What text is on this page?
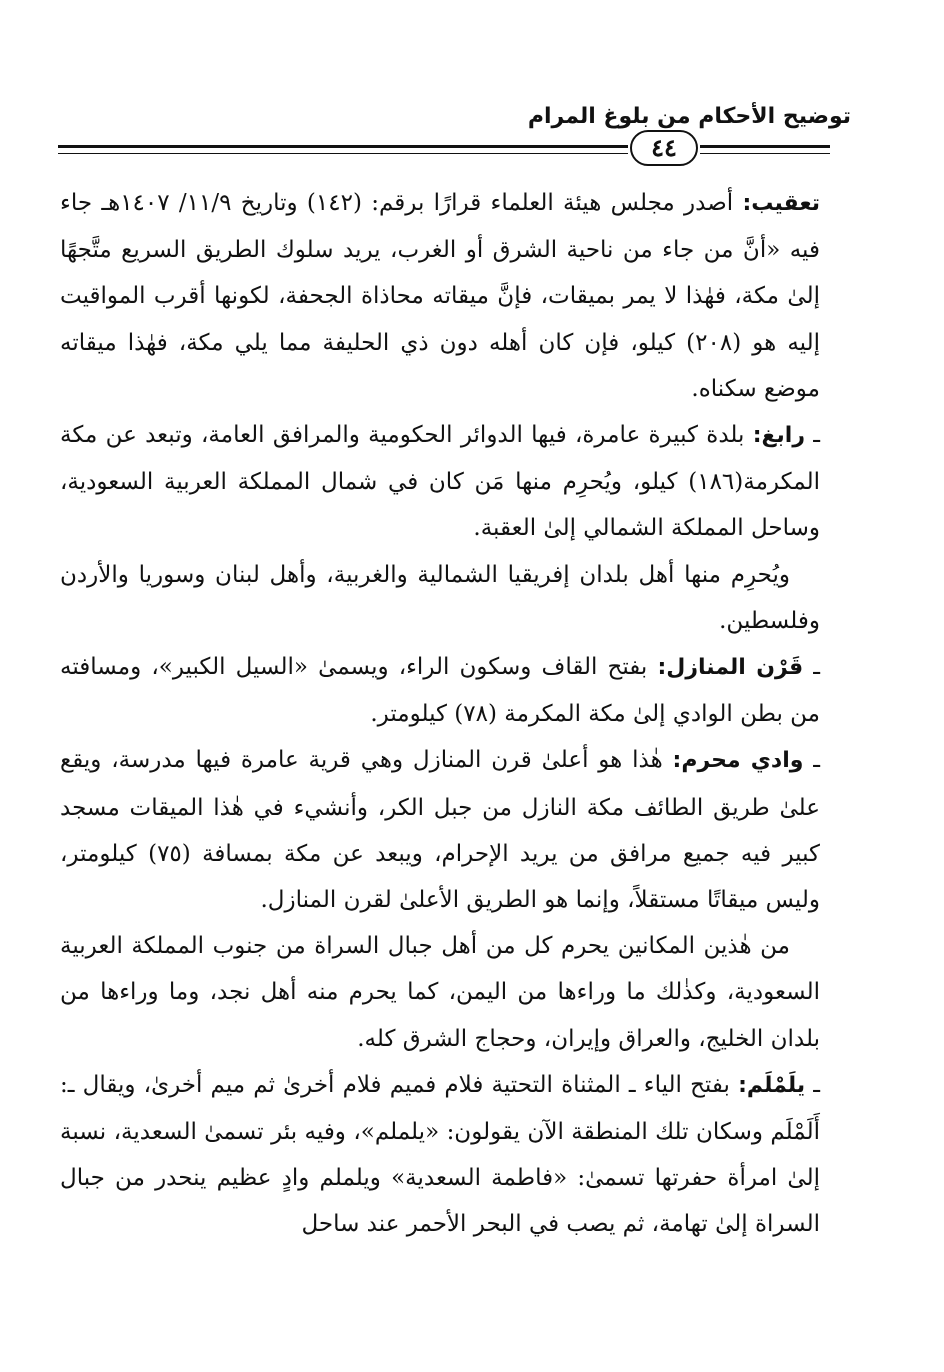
توضيح الأحكام من بلوغ المرام
٤٤

تعقيب: أصدر مجلس هيئة العلماء قرارًا برقم: (١٤٢) وتاريخ ١١/٩/ ١٤٠٧هـ جاء فيه «أنَّ من جاء من ناحية الشرق أو الغرب، يريد سلوك الطريق السريع متَّجهًا إلىٰ مكة، فهٰذا لا يمر بميقات، فإنَّ ميقاته محاذاة الجحفة، لكونها أقرب المواقيت إليه هو (٢٠٨) كيلو، فإن كان أهله دون ذي الحليفة مما يلي مكة، فهٰذا ميقاته موضع سكناه.

ـ رابغ: بلدة كبيرة عامرة، فيها الدوائر الحكومية والمرافق العامة، وتبعد عن مكة المكرمة(١٨٦) كيلو، ويُحرِم منها مَن كان في شمال المملكة العربية السعودية، وساحل المملكة الشمالي إلىٰ العقبة.

ويُحرِم منها أهل بلدان إفريقيا الشمالية والغربية، وأهل لبنان وسوريا والأردن وفلسطين.

ـ قَرْن المنازل: بفتح القاف وسكون الراء، ويسمىٰ «السيل الكبير»، ومسافته من بطن الوادي إلىٰ مكة المكرمة (٧٨) كيلومتر.

ـ وادي محرم: هٰذا هو أعلىٰ قرن المنازل وهي قرية عامرة فيها مدرسة، ويقع علىٰ طريق الطائف مكة النازل من جبل الكر، وأنشيء في هٰذا الميقات مسجد كبير فيه جميع مرافق من يريد الإحرام، ويبعد عن مكة بمسافة (٧٥) كيلومتر، وليس ميقاتًا مستقلاً، وإنما هو الطريق الأعلىٰ لقرن المنازل.

من هٰذين المكانين يحرم كل من أهل جبال السراة من جنوب المملكة العربية السعودية، وكذٰلك ما وراءها من اليمن، كما يحرم منه أهل نجد، وما وراءها من بلدان الخليج، والعراق وإيران، وحجاج الشرق كله.

ـ يلَمْلَم: بفتح الياء ـ المثناة التحتية فلام فميم فلام أخرىٰ ثم ميم أخرىٰ، ويقال ـ: أَلَمْلَم وسكان تلك المنطقة الآن يقولون: «يلملم»، وفيه بئر تسمىٰ السعدية، نسبة إلىٰ امرأة حفرتها تسمىٰ: «فاطمة السعدية» ويلملم وادٍ عظيم ينحدر من جبال السراة إلىٰ تهامة، ثم يصب في البحر الأحمر عند ساحل
